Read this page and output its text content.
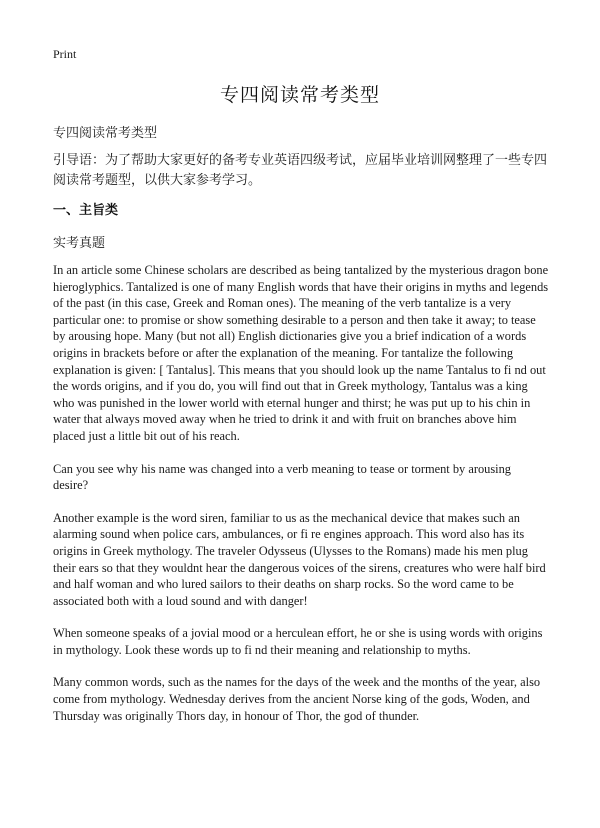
Print
专四阅读常考类型
专四阅读常考类型
引导语：为了帮助大家更好的备考专业英语四级考试，应届毕业培训网整理了一些专四阅读常考题型，以供大家参考学习。
一、主旨类
实考真题

In an article some Chinese scholars are described as being tantalized by the mysterious dragon bone hieroglyphics. Tantalized is one of many English words that have their origins in myths and legends of the past (in this case, Greek and Roman ones). The meaning of the verb tantalize is a very particular one: to promise or show something desirable to a person and then take it away; to tease by arousing hope. Many (but not all) English dictionaries give you a brief indication of a words origins in brackets before or after the explanation of the meaning. For tantalize the following explanation is given: [ Tantalus]. This means that you should look up the name Tantalus to fi nd out the words origins, and if you do, you will find out that in Greek mythology, Tantalus was a king who was punished in the lower world with eternal hunger and thirst; he was put up to his chin in water that always moved away when he tried to drink it and with fruit on branches above him placed just a little bit out of his reach.

Can you see why his name was changed into a verb meaning to tease or torment by arousing desire?

Another example is the word siren, familiar to us as the mechanical device that makes such an alarming sound when police cars, ambulances, or fi re engines approach. This word also has its origins in Greek mythology. The traveler Odysseus (Ulysses to the Romans) made his men plug their ears so that they wouldnt hear the dangerous voices of the sirens, creatures who were half bird and half woman and who lured sailors to their deaths on sharp rocks. So the word came to be associated both with a loud sound and with danger!

When someone speaks of a jovial mood or a herculean effort, he or she is using words with origins in mythology. Look these words up to fi nd their meaning and relationship to myths.

Many common words, such as the names for the days of the week and the months of the year, also come from mythology. Wednesday derives from the ancient Norse king of the gods, Woden, and Thursday was originally Thors day, in honour of Thor, the god of thunder.
